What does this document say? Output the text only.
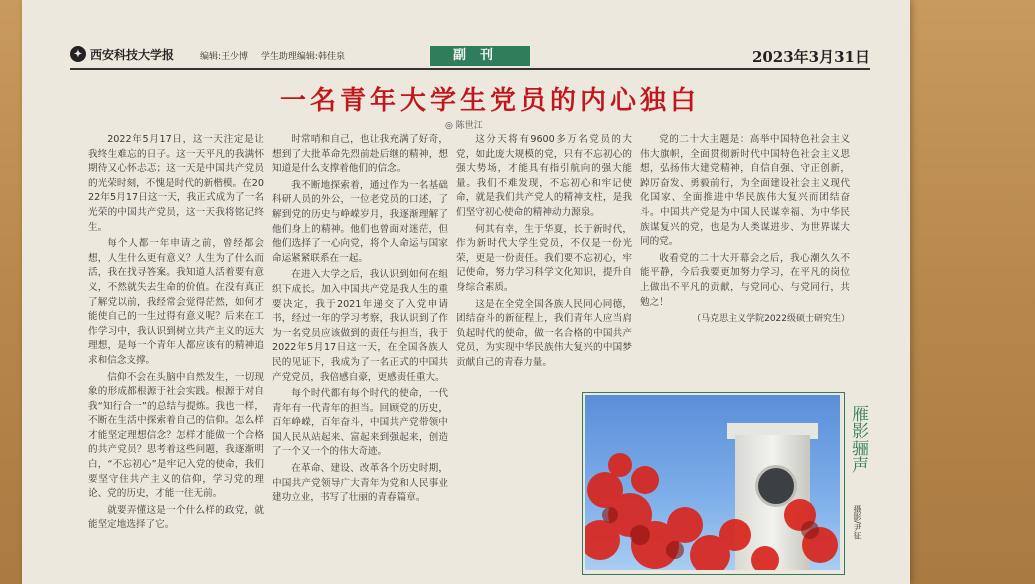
✦ 西安科技大学报	编辑:王少博 学生助理编辑:韩佳泉	副刊	2023年3月31日
一名青年大学生党员的内心独白
◎ 陈世江

2022年5月17日，这一天注定是让我终生难忘的日子。这一天平凡的我满怀期待又心怀忐忑；这一天是中国共产党员的光荣时刻，不愧是时代的新楷模。在2022年5月17日这一天，我正式成为了一名光荣的中国共产党员，这一天我将铭记终生。

每个人都一年申请之前，曾经都会想，人生什么更有意义？人生为了什么而活，我在找寻答案。我知道人活着要有意义，不然就失去生命的价值。在没有真正了解党以前，我经常会觉得茫然，如何才能使自己的一生过得有意义呢？后来在工作学习中，我认识到树立共产主义的远大理想，是每一个青年人都应该有的精神追求和信念支撑。

信仰不会在头脑中自然发生，一切现象的形成都根源于社会实践。根源于对自我“知行合一”的总结与提炼。我也一样，不断在生活中探索着自己的信仰。怎么样才能坚定理想信念？怎样才能做一个合格的共产党员？思考着这些问题，我逐渐明白，“不忘初心”是牢记入党的使命，我们要坚守住共产主义的信仰，学习党的理论、党的历史，才能一往无前。

就要弄懂这是一个什么样的政党，就能坚定地选择了它。

时常哨和自己，也让我充满了好奇，想到了大批革命先烈前赴后继的精神，想知道是什么支撑着他们的信念。

我不断地探索着，通过作为一名基础科研人员的外公，一位老党员的口述，了解到党的历史与峥嵘岁月，我逐渐理解了他们身上的精神。他们也曾面对迷茫，但他们选择了一心向党，将个人命运与国家命运紧紧联系在一起。

在进入大学之后，我认识到如何在组织下成长。加入中国共产党是我人生的重要决定，我于2021年递交了入党申请书，经过一年的学习考察，我认识到了作为一名党员应该做到的责任与担当，我于2022年5月17日这一天，在全国各族人民的见证下，我成为了一名正式的中国共产党党员，我倍感自豪，更感责任重大。

每个时代都有每个时代的使命，一代青年有一代青年的担当。回顾党的历史，百年峥嵘，百年奋斗，中国共产党带领中国人民从站起来、富起来到强起来，创造了一个又一个的伟大奇迹。

在革命、建设、改革各个历史时期，中国共产党领导广大青年为党和人民事业建功立业，书写了壮丽的青春篇章。

这分天将有9600多万名党员的大党，如此庞大规模的党，只有不忘初心的强大势场，才能具有指引航向的强大能量。我们不难发现，不忘初心和牢记使命，就是我们共产党人的精神支柱，是我们坚守初心使命的精神动力源泉。

何其有幸，生于华夏，长于新时代，作为新时代大学生党员，不仅是一份光荣，更是一份责任。我们要不忘初心，牢记使命，努力学习科学文化知识，提升自身综合素质。

这是在全党全国各族人民同心同德，团结奋斗的新征程上，我们青年人应当肩负起时代的使命，做一名合格的中国共产党员，为实现中华民族伟大复兴的中国梦贡献自己的青春力量。

党的二十大主题是：高举中国特色社会主义伟大旗帜，全面贯彻新时代中国特色社会主义思想，弘扬伟大建党精神，自信自强、守正创新，踔厉奋发、勇毅前行，为全面建设社会主义现代化国家、全面推进中华民族伟大复兴而团结奋斗。中国共产党是为中国人民谋幸福、为中华民族谋复兴的党，也是为人类谋进步、为世界谋大同的党。

收看党的二十大开幕会之后，我心潮久久不能平静，今后我要更加努力学习，在平凡的岗位上做出不平凡的贡献，与党同心、与党同行，共勉之！

（马克思主义学院2022级硕士研究生）

雁影骊声
摄影/尹征
